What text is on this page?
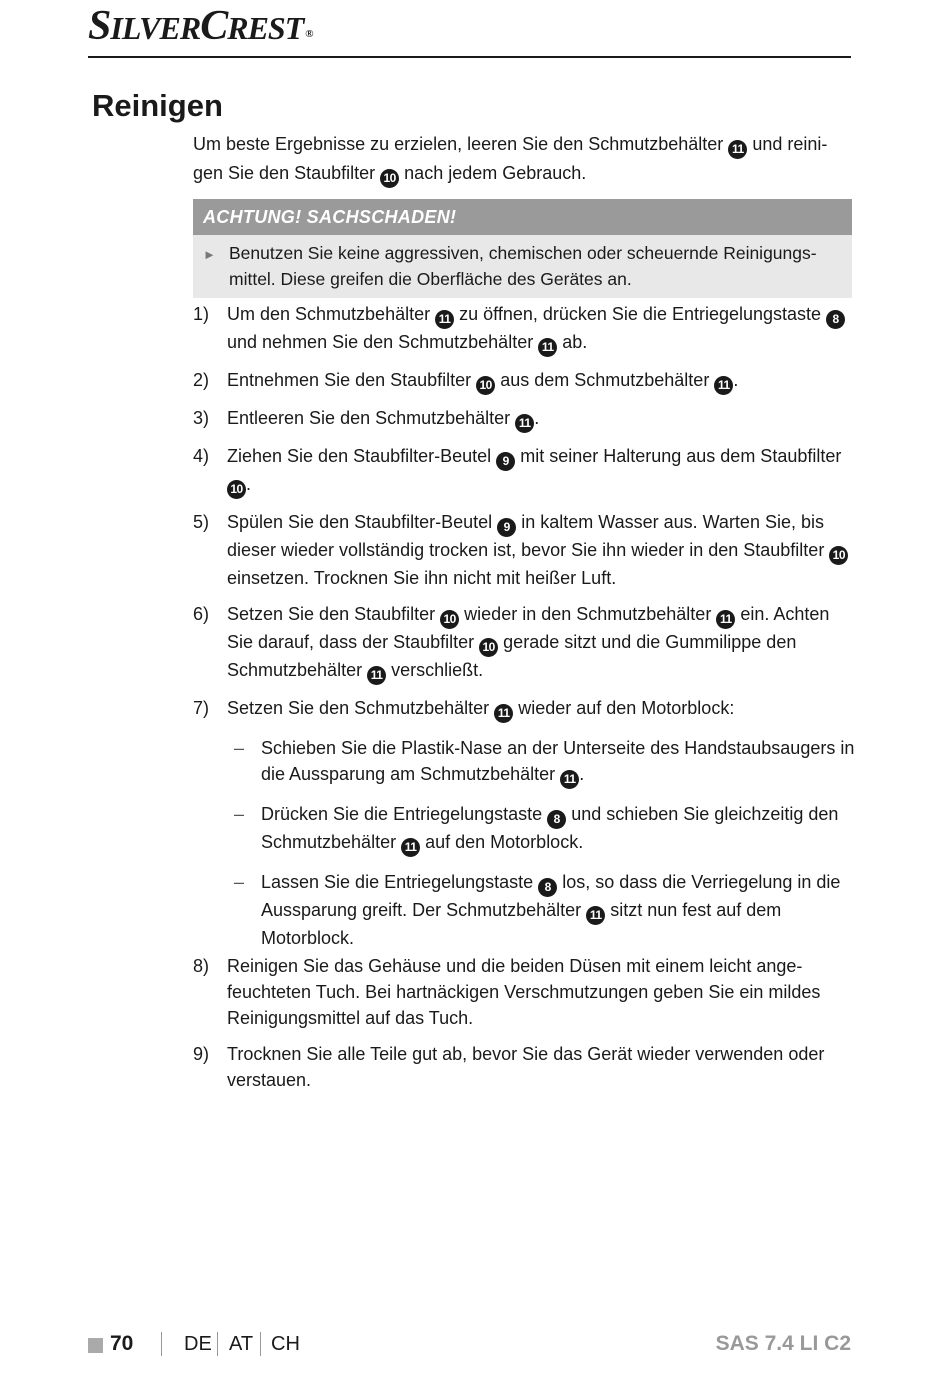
SILVERCREST ®
Reinigen
Um beste Ergebnisse zu erzielen, leeren Sie den Schmutzbehälter 11 und reini-
gen Sie den Staubfilter 10 nach jedem Gebrauch.
ACHTUNG! SACHSCHADEN!
► Benutzen Sie keine aggressiven, chemischen oder scheuernde Reinigungs-mittel. Diese greifen die Oberfläche des Gerätes an.
1) Um den Schmutzbehälter 11 zu öffnen, drücken Sie die Entriegelungstaste 8
und nehmen Sie den Schmutzbehälter 11 ab.
2) Entnehmen Sie den Staubfilter 10 aus dem Schmutzbehälter 11 .
3) Entleeren Sie den Schmutzbehälter 11 .
4) Ziehen Sie den Staubfilter-Beutel 9 mit seiner Halterung aus dem Staubfilter 10 .
5) Spülen Sie den Staubfilter-Beutel 9 in kaltem Wasser aus. Warten Sie, bis dieser wieder vollständig trocken ist, bevor Sie ihn wieder in den Staubfilter 10 einsetzen. Trocknen Sie ihn nicht mit heißer Luft.
6) Setzen Sie den Staubfilter 10 wieder in den Schmutzbehälter 11 ein. Achten Sie darauf, dass der Staubfilter 10 gerade sitzt und die Gummilippe den Schmutzbehälter 11 verschließt.
7) Setzen Sie den Schmutzbehälter 11 wieder auf den Motorblock:
– Schieben Sie die Plastik-Nase an der Unterseite des Handstaubsaugers in die Aussparung am Schmutzbehälter 11 .
– Drücken Sie die Entriegelungstaste 8 und schieben Sie gleichzeitig den Schmutzbehälter 11 auf den Motorblock.
– Lassen Sie die Entriegelungstaste 8 los, so dass die Verriegelung in die Aussparung greift. Der Schmutzbehälter 11 sitzt nun fest auf dem Motorblock.
8) Reinigen Sie das Gehäuse und die beiden Düsen mit einem leicht ange-feuchteten Tuch. Bei hartnäckigen Verschmutzungen geben Sie ein mildes Reinigungsmittel auf das Tuch.
9) Trocknen Sie alle Teile gut ab, bevor Sie das Gerät wieder verwenden oder verstauen.
70	DE AT CH	SAS 7.4 LI C2
